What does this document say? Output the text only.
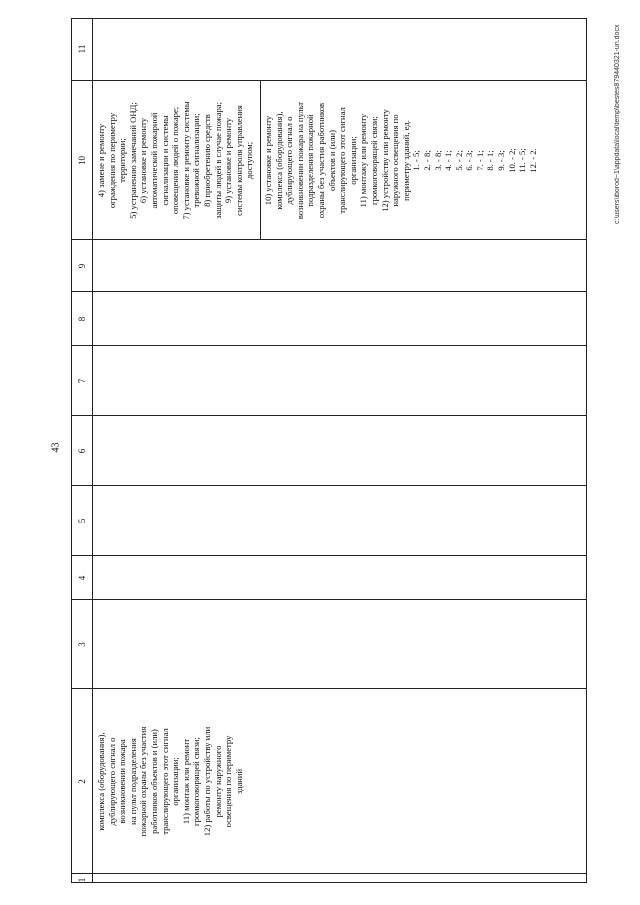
43
1
2
3
4
5
6
7
8
9
10
11
комплекса (оборудования),
дублирующего сигнал о
возникновении пожара
на пульт подразделения
пожарной охраны без участия
работников объектов и (или)
транслирующего этот сигнал
организации;
11) монтаж или ремонт
громкоговорящей связи;
12) работы по устройству или
ремонту наружного
освещения по периметру
зданий
4) замене и ремонту
ограждения по периметру
территории;
5) устранению замечаний ОНД;
6) установке и ремонту
автоматической пожарной
сигнализации и системы
оповещения людей о пожаре;
7) установке и ремонту системы
тревожной сигнализации;
8) приобретению средств
защиты людей в случае пожара;
9) установке и ремонту
системы контроля управления
доступом;
10) установке и ремонту
комплекса (оборудования),
дублирующего сигнал о
возникновении пожара на пульт
подразделения пожарной
охраны без участия работников
объектов и (или)
транслирующего этот сигнал
организации;
11) монтажу или ремонту
громкоговорящей связи;
12) устройству или ремонту
наружного освещения по
периметру зданий, ед.
1. - 5;
2. - 8;
3. - 8;
4. - 1;
5. - 2;
6. - 3;
7. - 1;
8. - 1;
9. - 3;
10. - 2;
11. - 5;
12. - 2.	c:\users\iborod~1\appdata\local\temp\bestes879440321-un.docx
